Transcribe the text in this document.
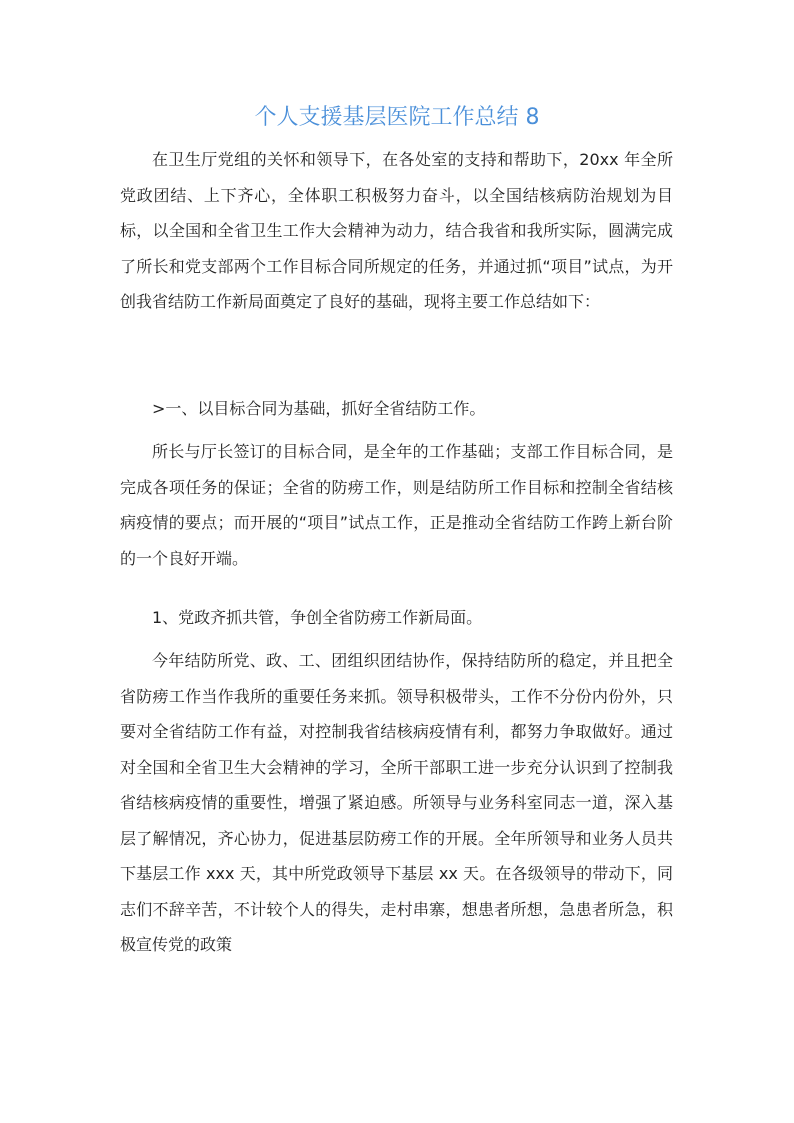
个人支援基层医院工作总结 8

在卫生厅党组的关怀和领导下，在各处室的支持和帮助下，20xx 年全所党政团结、上下齐心，全体职工积极努力奋斗，以全国结核病防治规划为目标，以全国和全省卫生工作大会精神为动力，结合我省和我所实际，圆满完成了所长和党支部两个工作目标合同所规定的任务，并通过抓“项目”试点，为开创我省结防工作新局面奠定了良好的基础，现将主要工作总结如下：

>一、以目标合同为基础，抓好全省结防工作。

所长与厅长签订的目标合同，是全年的工作基础；支部工作目标合同，是完成各项任务的保证；全省的防痨工作，则是结防所工作目标和控制全省结核病疫情的要点；而开展的“项目”试点工作，正是推动全省结防工作跨上新台阶的一个良好开端。

1、党政齐抓共管，争创全省防痨工作新局面。

今年结防所党、政、工、团组织团结协作，保持结防所的稳定，并且把全省防痨工作当作我所的重要任务来抓。领导积极带头，工作不分份内份外，只要对全省结防工作有益，对控制我省结核病疫情有利，都努力争取做好。通过对全国和全省卫生大会精神的学习，全所干部职工进一步充分认识到了控制我省结核病疫情的重要性，增强了紧迫感。所领导与业务科室同志一道，深入基层了解情况，齐心协力，促进基层防痨工作的开展。全年所领导和业务人员共下基层工作 xxx 天，其中所党政领导下基层 xx 天。在各级领导的带动下，同志们不辞辛苦，不计较个人的得失，走村串寨，想患者所想，急患者所急，积极宣传党的政策
